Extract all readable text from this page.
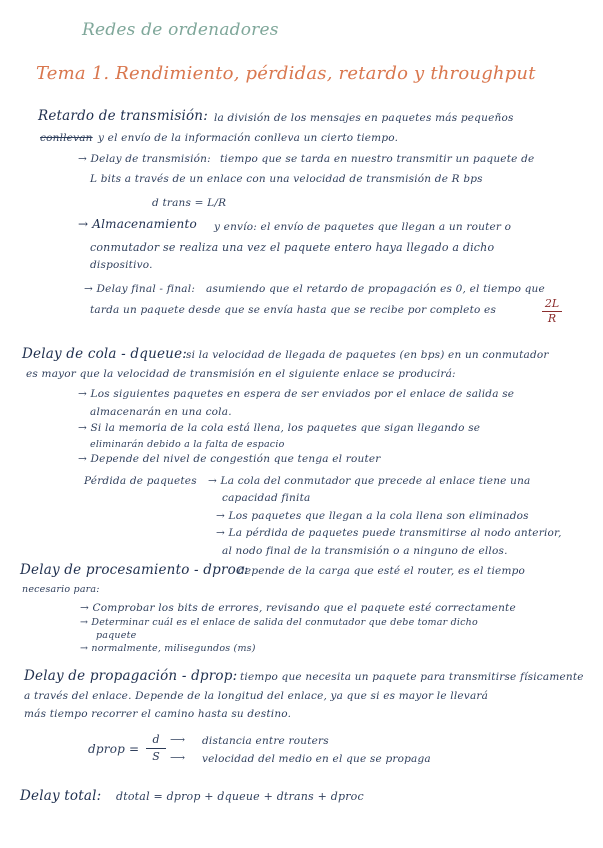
Redes de ordenadores
Tema 1. Rendimiento, pérdidas, retardo y throughput
Retardo de transmisión: la división de los mensajes en paquetes más pequeños
conllevan y el envío de la información conlleva un cierto tiempo.
→ Delay de transmisión: tiempo que se tarda en nuestro transmitir un paquete de
L bits a través de un enlace con una velocidad de transmisión de R bps
d trans = L/R
→ Almacenamiento y envío: el envío de paquetes que llegan a un router o
conmutador se realiza una vez el paquete entero haya llegado a dicho
dispositivo.
→ Delay final - final: asumiendo que el retardo de propagación es 0, el tiempo que
tarda un paquete desde que se envía hasta que se recibe por completo es	2L
R
Delay de cola - dqueue:
si la velocidad de llegada de paquetes (en bps) en un conmutador
es mayor que la velocidad de transmisión en el siguiente enlace se producirá:
→ Los siguientes paquetes en espera de ser enviados por el enlace de salida se
almacenarán en una cola.
→ Si la memoria de la cola está llena, los paquetes que sigan llegando se
eliminarán debido a la falta de espacio
→ Depende del nivel de congestión que tenga el router
Pérdida de paquetes → La cola del conmutador que precede al enlace tiene una
capacidad finita
→ Los paquetes que llegan a la cola llena son eliminados
→ La pérdida de paquetes puede transmitirse al nodo anterior,
al nodo final de la transmisión o a ninguno de ellos.
Delay de procesamiento - dproc:
depende de la carga que esté el router, es el tiempo
necesario para:
→ Comprobar los bits de errores, revisando que el paquete esté correctamente
→ Determinar cuál es el enlace de salida del conmutador que debe tomar dicho
paquete
→ normalmente, milisegundos (ms)
Delay de propagación - dprop: tiempo que necesita un paquete para transmitirse físicamente
a través del enlace. Depende de la longitud del enlace, ya que si es mayor le llevará
más tiempo recorrer el camino hasta su destino.
dprop =
d
S
⟶
⟶
distancia entre routers
velocidad del medio en el que se propaga
Delay total: dtotal = dprop + dqueue + dtrans + dproc
